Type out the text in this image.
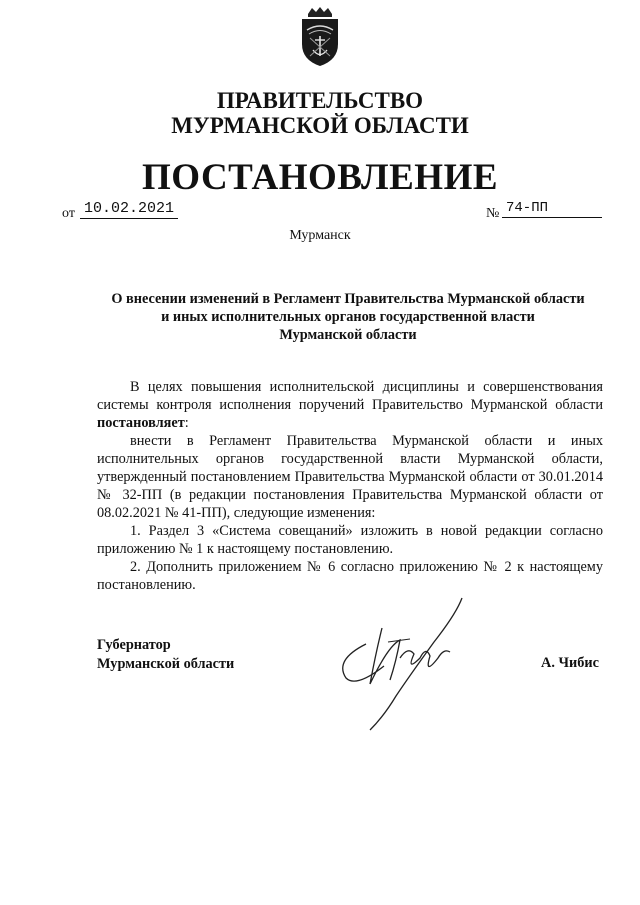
ПРАВИТЕЛЬСТВО
МУРМАНСКОЙ ОБЛАСТИ
ПОСТАНОВЛЕНИЕ
от 10.02.2021	№ 74-ПП
Мурманск
О внесении изменений в Регламент Правительства Мурманской области
и иных исполнительных органов государственной власти
Мурманской области

В целях повышения исполнительской дисциплины и совершенствования системы контроля исполнения поручений Правительство Мурманской области постановляет:

внести в Регламент Правительства Мурманской области и иных исполнительных органов государственной власти Мурманской области, утвержденный постановлением Правительства Мурманской области от 30.01.2014 № 32-ПП (в редакции постановления Правительства Мурманской области от 08.02.2021 № 41-ПП), следующие изменения:

1. Раздел 3 «Система совещаний» изложить в новой редакции согласно приложению № 1 к настоящему постановлению.

2. Дополнить приложением № 6 согласно приложению № 2 к настоящему постановлению.

Губернатор
Мурманской области	А. Чибис
